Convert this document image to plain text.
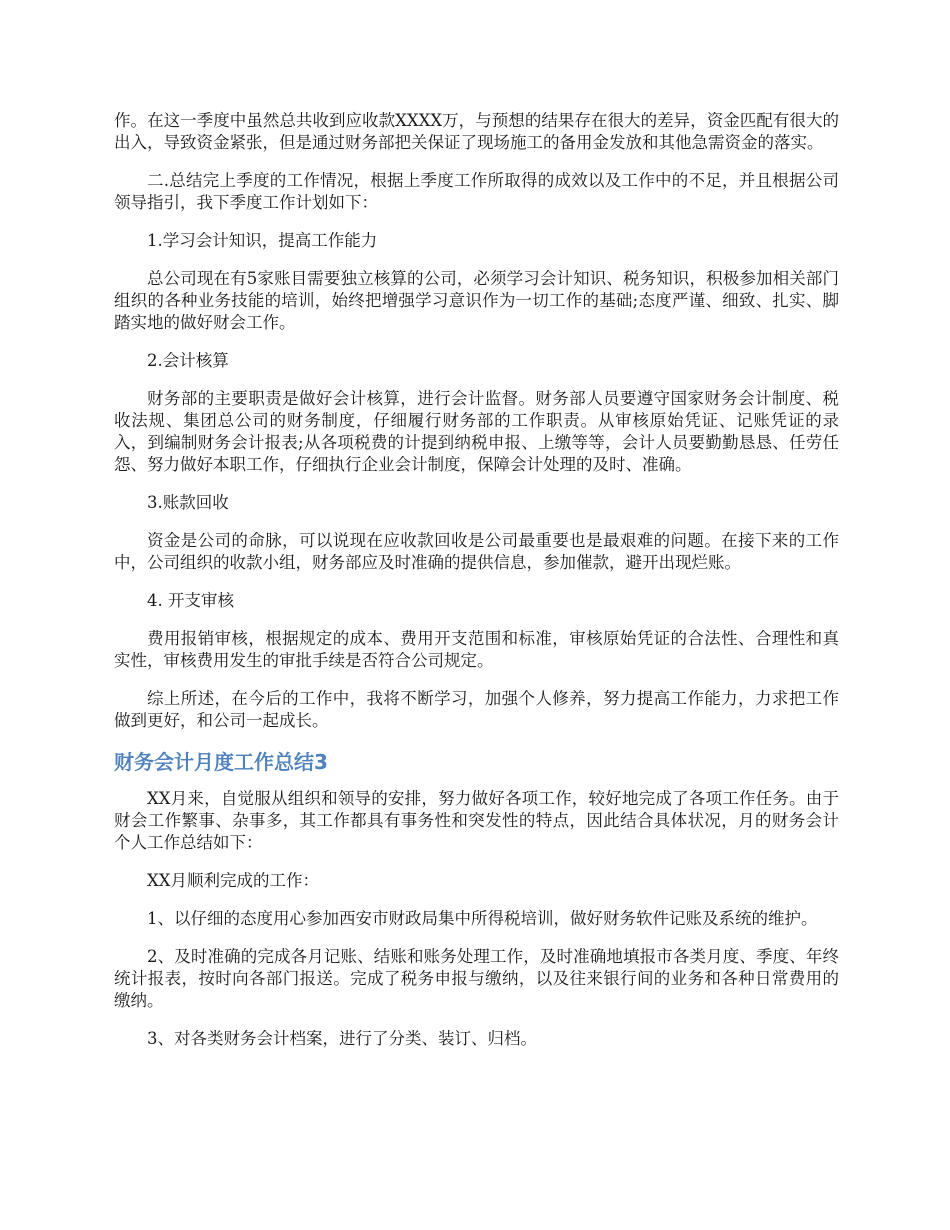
作。在这一季度中虽然总共收到应收款XXXX万，与预想的结果存在很大的差异，资金匹配有很大的出入，导致资金紧张，但是通过财务部把关保证了现场施工的备用金发放和其他急需资金的落实。

二.总结完上季度的工作情况，根据上季度工作所取得的成效以及工作中的不足，并且根据公司领导指引，我下季度工作计划如下：

1.学习会计知识，提高工作能力

总公司现在有5家账目需要独立核算的公司，必须学习会计知识、税务知识，积极参加相关部门组织的各种业务技能的培训，始终把增强学习意识作为一切工作的基础;态度严谨、细致、扎实、脚踏实地的做好财会工作。

2.会计核算

财务部的主要职责是做好会计核算，进行会计监督。财务部人员要遵守国家财务会计制度、税收法规、集团总公司的财务制度，仔细履行财务部的工作职责。从审核原始凭证、记账凭证的录入，到编制财务会计报表;从各项税费的计提到纳税申报、上缴等等，会计人员要勤勤恳恳、任劳任怨、努力做好本职工作，仔细执行企业会计制度，保障会计处理的及时、准确。

3.账款回收

资金是公司的命脉，可以说现在应收款回收是公司最重要也是最艰难的问题。在接下来的工作中，公司组织的收款小组，财务部应及时准确的提供信息，参加催款，避开出现烂账。

4. 开支审核

费用报销审核，根据规定的成本、费用开支范围和标准，审核原始凭证的合法性、合理性和真实性，审核费用发生的审批手续是否符合公司规定。

综上所述，在今后的工作中，我将不断学习，加强个人修养，努力提高工作能力，力求把工作做到更好，和公司一起成长。

财务会计月度工作总结3

XX月来，自觉服从组织和领导的安排，努力做好各项工作，较好地完成了各项工作任务。由于财会工作繁事、杂事多，其工作都具有事务性和突发性的特点，因此结合具体状况，月的财务会计个人工作总结如下：

XX月顺利完成的工作：

1、以仔细的态度用心参加西安市财政局集中所得税培训，做好财务软件记账及系统的维护。

2、及时准确的完成各月记账、结账和账务处理工作，及时准确地填报市各类月度、季度、年终统计报表，按时向各部门报送。完成了税务申报与缴纳，以及往来银行间的业务和各种日常费用的缴纳。

3、对各类财务会计档案，进行了分类、装订、归档。
